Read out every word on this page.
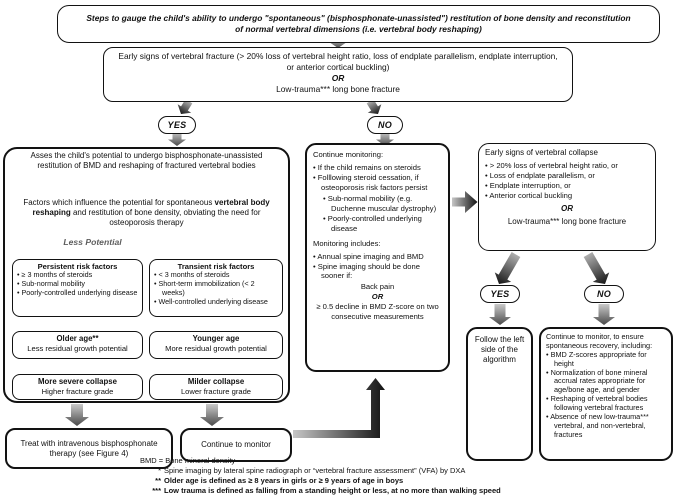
Steps to gauge the child's ability to undergo "spontaneous" (bisphosphonate-unassisted") restitution of bone density and reconstitution of normal vertebral dimensions (i.e. vertebral body reshaping)
Early signs of vertebral fracture (> 20% loss of vertebral height ratio, loss of endplate parallelism, endplate interruption, or anterior cortical buckling)
OR
Low-trauma*** long bone fracture
YES	NO
Asses the child's potential to undergo bisphosphonate-unassisted restitution of BMD and reshaping of fractured vertebral bodies
Factors which influence the potential for spontaneous vertebral body reshaping and restitution of bone density, obviating the need for osteoporosis therapy
Less Potential	More Potential
Persistent risk factors
• ≥ 3 months of steroids
• Sub-normal mobility
• Poorly-controlled underlying disease
Transient risk factors
• < 3 months of steroids
• Short-term immobilization (< 2 weeks)
• Well-controlled underlying disease
Older age**
Less residual growth potential
Younger age
More residual growth potential
More severe collapse
Higher fracture grade
Milder collapse
Lower fracture grade
Treat with intravenous bisphosphonate therapy (see Figure 4)
Continue to monitor
Continue monitoring:
• If the child remains on steroids
• Folllowing steroid cessation, if osteoporosis risk factors persist
• Sub-normal mobility (e.g. Duchenne muscular dystrophy)
• Poorly-controlled underlying disease
Monitoring includes:
• Annual spine imaging and BMD
• Spine imaging should be done sooner if:
Back pain
OR
≥ 0.5 decline in BMD Z-score on two consecutive measurements
Early signs of vertebral collapse
• > 20% loss of vertebral height ratio, or
• Loss of endplate parallelism, or
• Endplate interruption, or
• Anterior cortical buckling
OR
Low-trauma*** long bone fracture
YES	NO
Follow the left side of the algorithm
Continue to monitor, to ensure spontaneous recovery, including:
• BMD Z-scores appropriate for height
• Normalization of bone mineral accrual rates appropriate for age/bone age, and gender
• Reshaping of vertebral bodies following vertebral fractures
• Absence of new low-trauma*** vertebral, and non-vertebral, fractures
BMD = Bone mineral density
* Spine imaging by lateral spine radiograph or “vertebral fracture assessment” (VFA) by DXA
** Older age is defined as ≥ 8 years in girls or ≥ 9 years of age in boys
*** Low trauma is defined as falling from a standing height or less, at no more than walking speed
